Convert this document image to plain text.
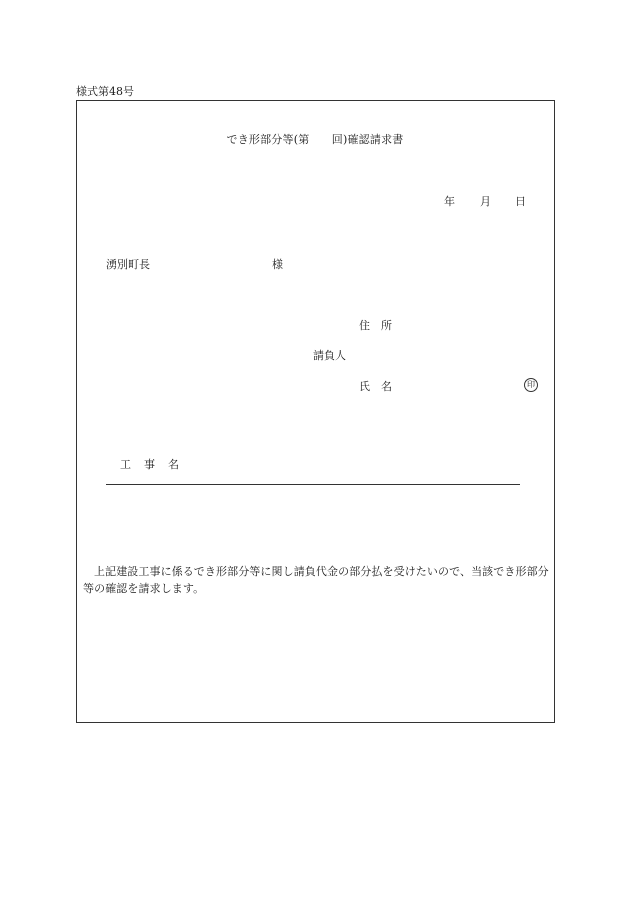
様式第48号
でき形部分等(第　　回)確認請求書
年 月 日
湧別町長	様
住　所
請負人
氏　名	印
工　事　名
上記建設工事に係るでき形部分等に関し請負代金の部分払を受けたいので、当該でき形部分等の確認を請求します。
